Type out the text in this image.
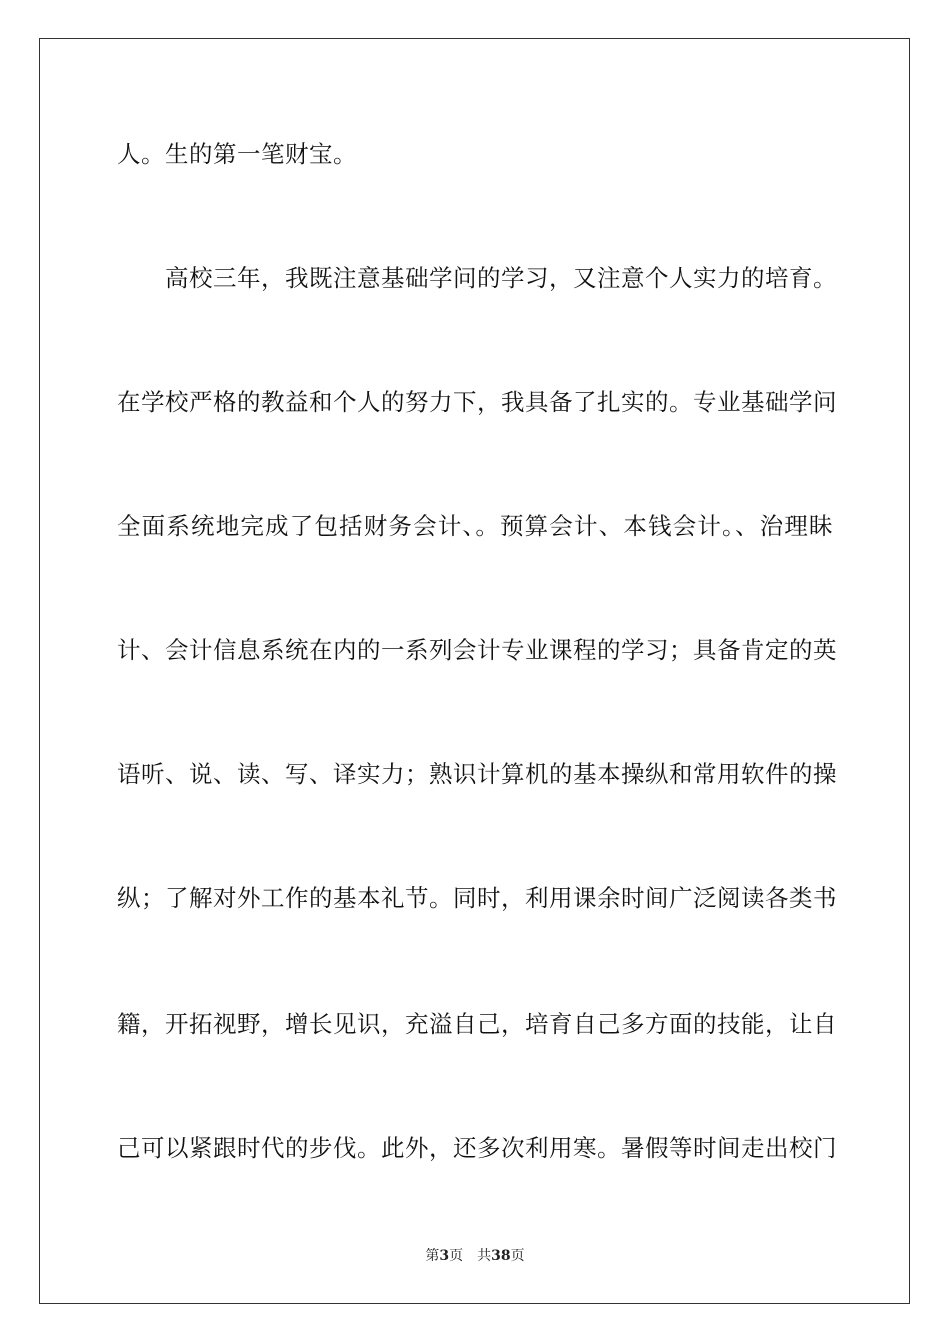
人。生的第一笔财宝。
高校三年，我既注意基础学问的学习，又注意个人实力的培育。
在学校严格的教益和个人的努力下，我具备了扎实的。专业基础学问
全面系统地完成了包括财务会计、。预算会计、本钱会计。、治理眛
计、会计信息系统在内的一系列会计专业课程的学习；具备肯定的英
语听、说、读、写、译实力；熟识计算机的基本操纵和常用软件的操
纵；了解对外工作的基本礼节。同时，利用课余时间广泛阅读各类书
籍，开拓视野，增长见识，充溢自己，培育自己多方面的技能，让自
己可以紧跟时代的步伐。此外，还多次利用寒。暑假等时间走出校门
第3页 共38页
